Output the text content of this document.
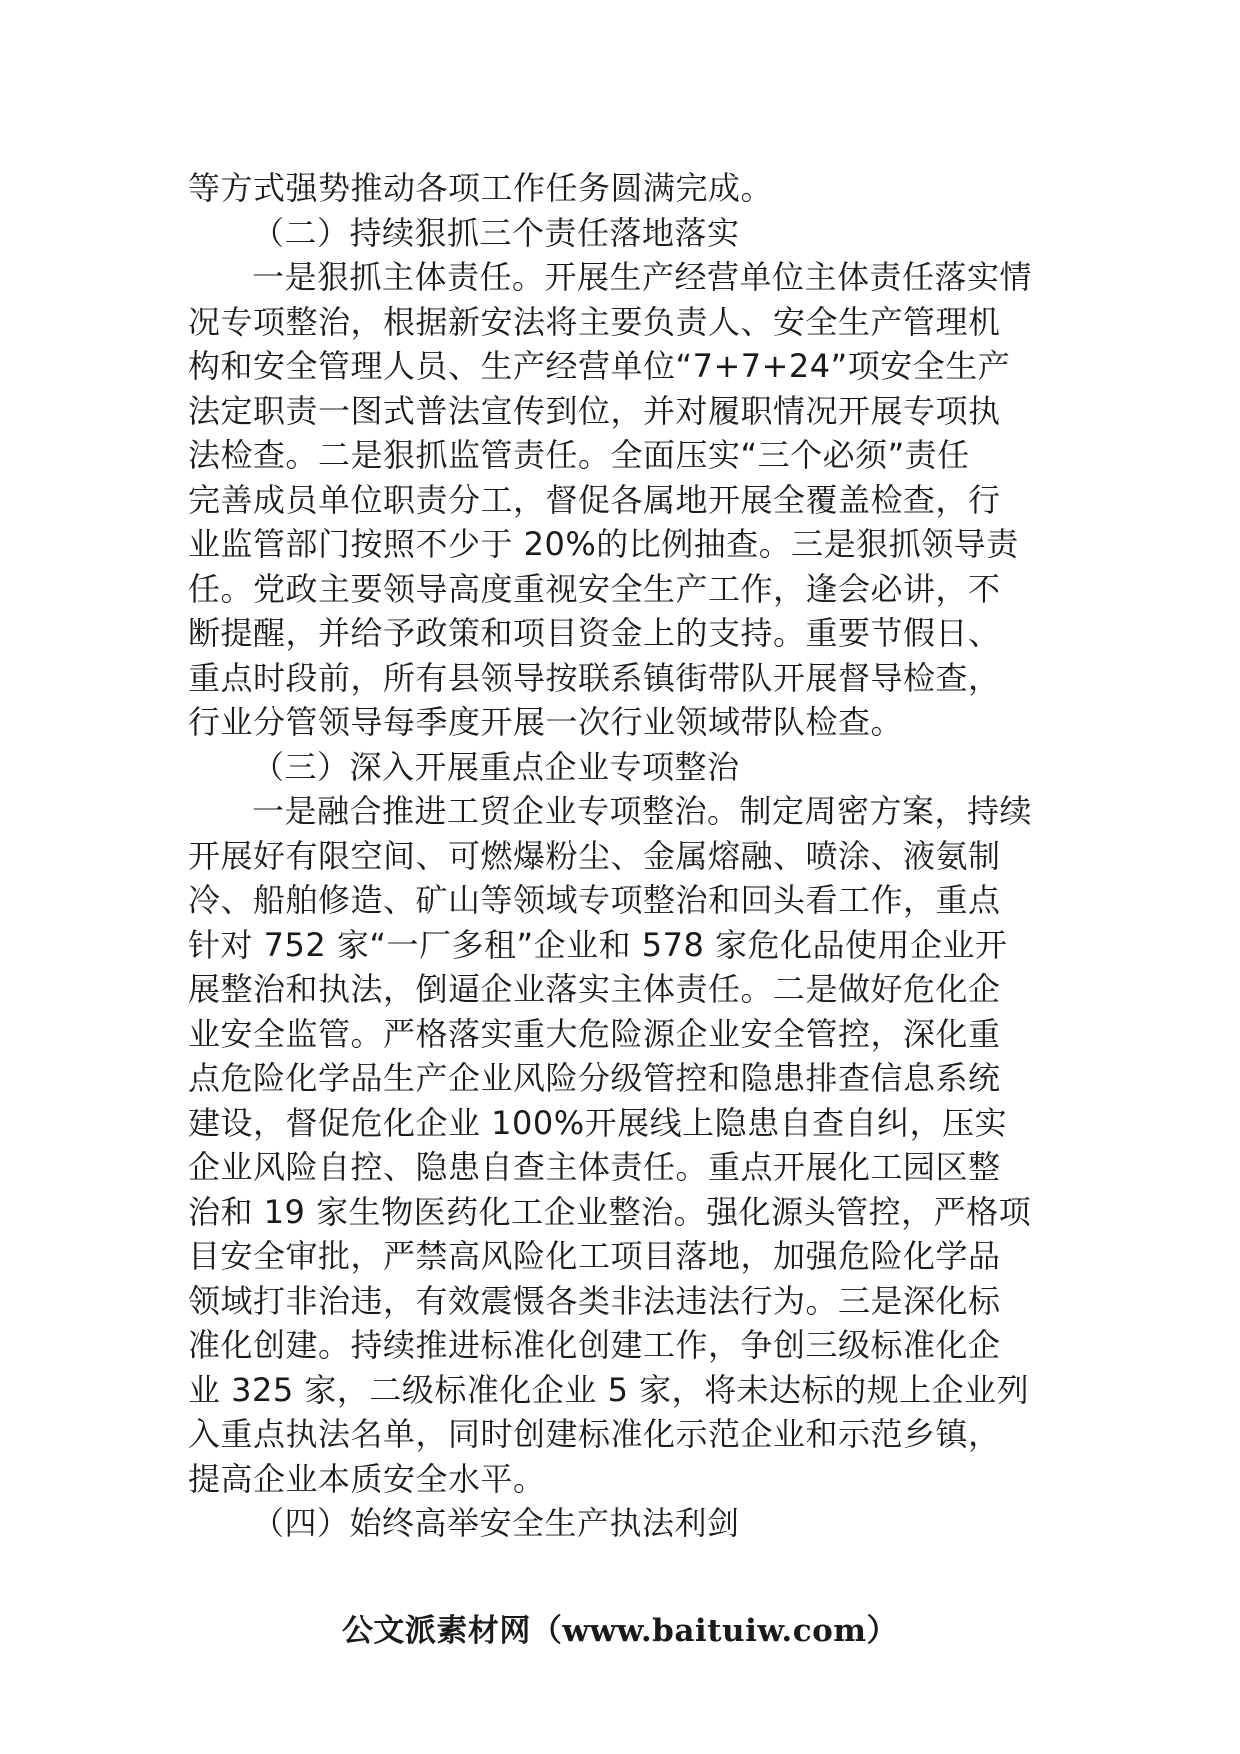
等方式强势推动各项工作任务圆满完成。
（二）持续狠抓三个责任落地落实
一是狠抓主体责任。开展生产经营单位主体责任落实情
况专项整治，根据新安法将主要负责人、安全生产管理机
构和安全管理人员、生产经营单位“7+7+24”项安全生产
法定职责一图式普法宣传到位，并对履职情况开展专项执
法检查。二是狠抓监管责任。全面压实“三个必须”责任
完善成员单位职责分工，督促各属地开展全覆盖检查，行
业监管部门按照不少于 20%的比例抽查。三是狠抓领导责
任。党政主要领导高度重视安全生产工作，逢会必讲，不
断提醒，并给予政策和项目资金上的支持。重要节假日、
重点时段前，所有县领导按联系镇街带队开展督导检查，
行业分管领导每季度开展一次行业领域带队检查。
（三）深入开展重点企业专项整治
一是融合推进工贸企业专项整治。制定周密方案，持续
开展好有限空间、可燃爆粉尘、金属熔融、喷涂、液氨制
冷、船舶修造、矿山等领域专项整治和回头看工作，重点
针对 752 家“一厂多租”企业和 578 家危化品使用企业开
展整治和执法，倒逼企业落实主体责任。二是做好危化企
业安全监管。严格落实重大危险源企业安全管控，深化重
点危险化学品生产企业风险分级管控和隐患排查信息系统
建设，督促危化企业 100%开展线上隐患自查自纠，压实
企业风险自控、隐患自查主体责任。重点开展化工园区整
治和 19 家生物医药化工企业整治。强化源头管控，严格项
目安全审批，严禁高风险化工项目落地，加强危险化学品
领域打非治违，有效震慑各类非法违法行为。三是深化标
准化创建。持续推进标准化创建工作，争创三级标准化企
业 325 家，二级标准化企业 5 家，将未达标的规上企业列
入重点执法名单，同时创建标准化示范企业和示范乡镇，
提高企业本质安全水平。
（四）始终高举安全生产执法利剑
公文派素材网（www.baituiw.com）
